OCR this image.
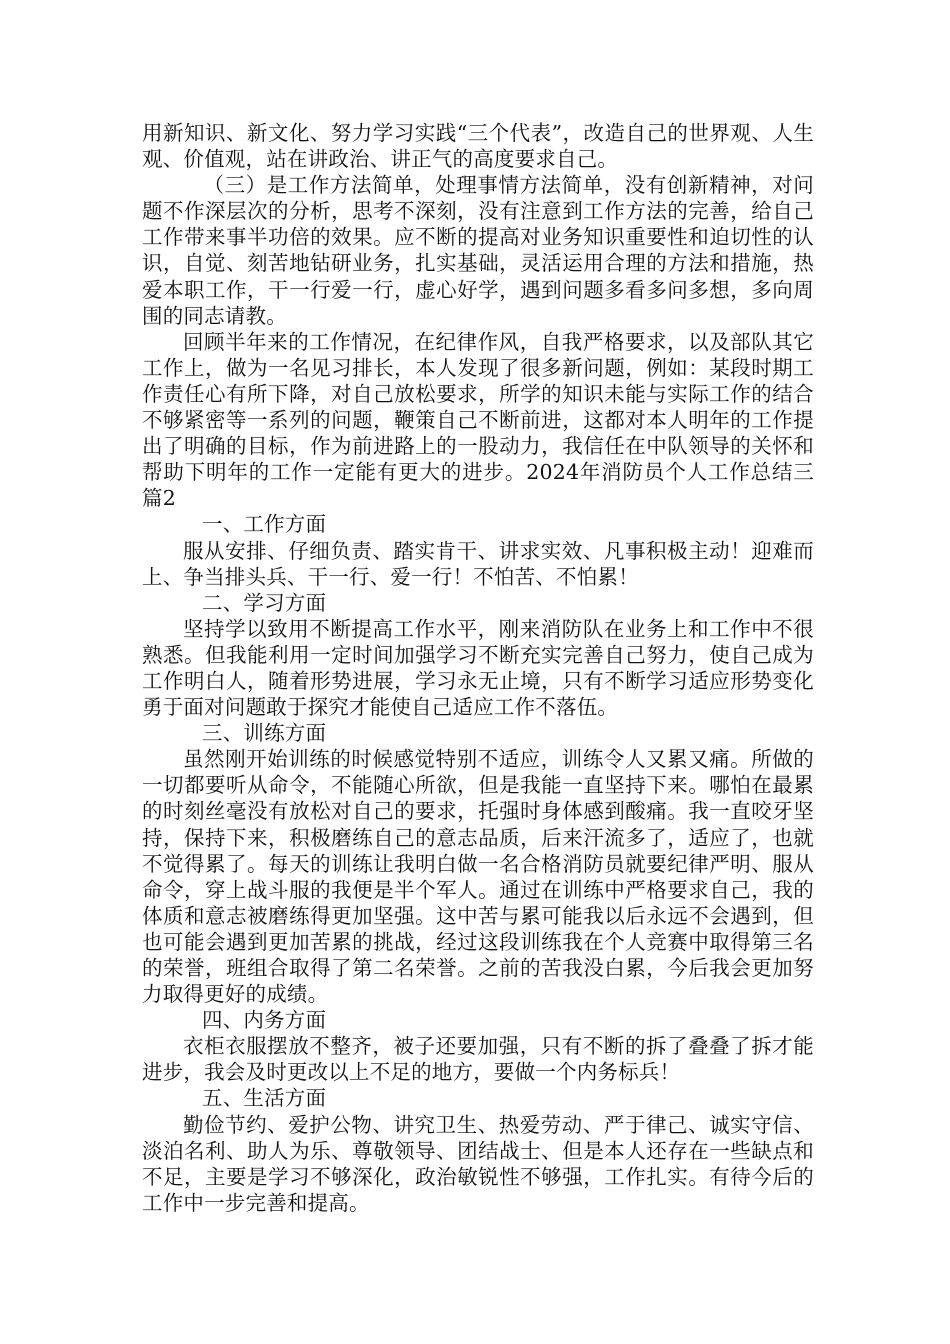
用新知识、新文化、努力学习实践“三个代表”，改造自己的世界观、人生观、价值观，站在讲政治、讲正气的高度要求自己。

（三）是工作方法简单，处理事情方法简单，没有创新精神，对问题不作深层次的分析，思考不深刻，没有注意到工作方法的完善，给自己工作带来事半功倍的效果。应不断的提高对业务知识重要性和迫切性的认识，自觉、刻苦地钻研业务，扎实基础，灵活运用合理的方法和措施，热爱本职工作，干一行爱一行，虚心好学，遇到问题多看多问多想，多向周围的同志请教。

回顾半年来的工作情况，在纪律作风，自我严格要求，以及部队其它工作上，做为一名见习排长，本人发现了很多新问题，例如：某段时期工作责任心有所下降，对自己放松要求，所学的知识未能与实际工作的结合不够紧密等一系列的问题，鞭策自己不断前进，这都对本人明年的工作提出了明确的目标，作为前进路上的一股动力，我信任在中队领导的关怀和帮助下明年的工作一定能有更大的进步。2024年消防员个人工作总结三篇2

一、工作方面

服从安排、仔细负责、踏实肯干、讲求实效、凡事积极主动！迎难而上、争当排头兵、干一行、爱一行！不怕苦、不怕累！

二、学习方面

坚持学以致用不断提高工作水平，刚来消防队在业务上和工作中不很熟悉。但我能利用一定时间加强学习不断充实完善自己努力，使自己成为工作明白人，随着形势进展，学习永无止境，只有不断学习适应形势变化勇于面对问题敢于探究才能使自己适应工作不落伍。

三、训练方面

虽然刚开始训练的时候感觉特别不适应，训练令人又累又痛。所做的一切都要听从命令，不能随心所欲，但是我能一直坚持下来。哪怕在最累的时刻丝毫没有放松对自己的要求，托强时身体感到酸痛。我一直咬牙坚持，保持下来，积极磨练自己的意志品质，后来汗流多了，适应了，也就不觉得累了。每天的训练让我明白做一名合格消防员就要纪律严明、服从命令，穿上战斗服的我便是半个军人。通过在训练中严格要求自己，我的体质和意志被磨练得更加坚强。这中苦与累可能我以后永远不会遇到，但也可能会遇到更加苦累的挑战，经过这段训练我在个人竞赛中取得第三名的荣誉，班组合取得了第二名荣誉。之前的苦我没白累，今后我会更加努力取得更好的成绩。

四、内务方面

衣柜衣服摆放不整齐，被子还要加强，只有不断的拆了叠叠了拆才能进步，我会及时更改以上不足的地方，要做一个内务标兵！

五、生活方面

勤俭节约、爱护公物、讲究卫生、热爱劳动、严于律己、诚实守信、淡泊名利、助人为乐、尊敬领导、团结战士、但是本人还存在一些缺点和不足，主要是学习不够深化，政治敏锐性不够强，工作扎实。有待今后的工作中一步完善和提高。
